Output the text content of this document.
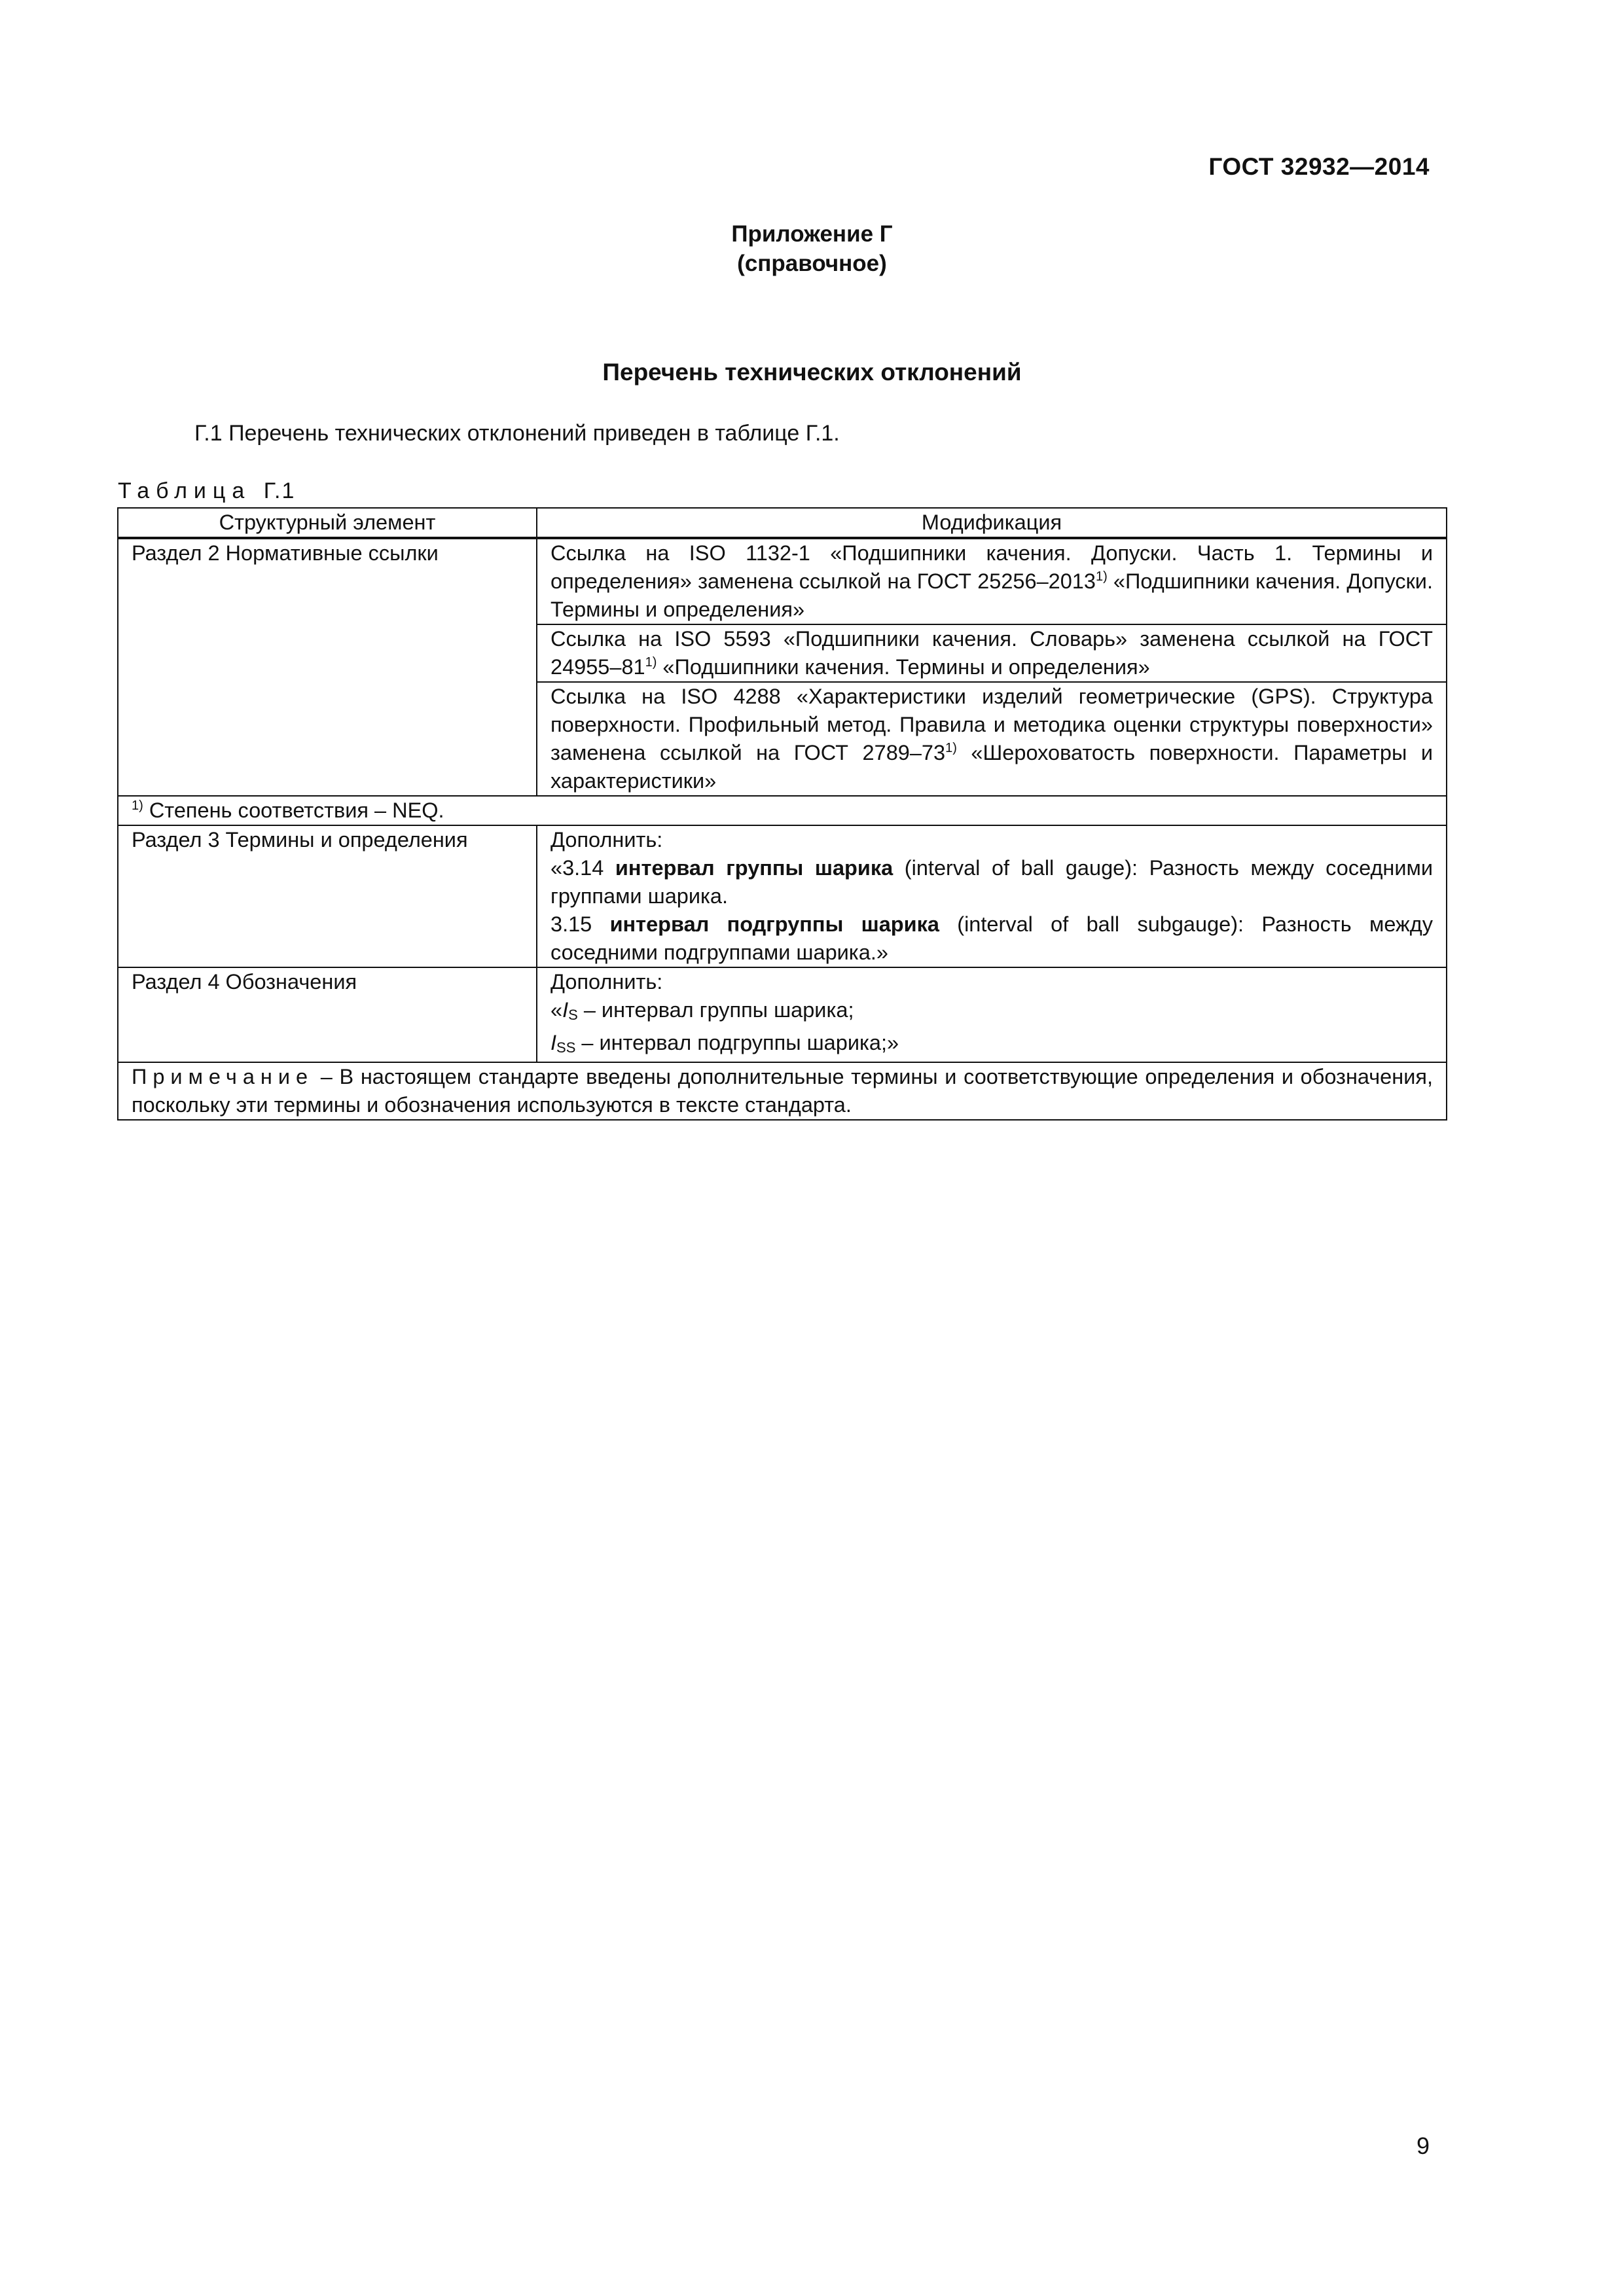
ГОСТ 32932—2014
Приложение Г
(справочное)
Перечень технических отклонений
Г.1 Перечень технических отклонений приведен в таблице Г.1.
Таблица Г.1
Структурный элемент	Модификация
Раздел 2 Нормативные ссылки	Ссылка на ISO 1132-1 «Подшипники качения. Допуски. Часть 1. Термины и определения» заменена ссылкой на ГОСТ 25256–2013$^{1)}$ «Подшипники качения. Допуски. Термины и определения»
	Ссылка на ISO 5593 «Подшипники качения. Словарь» заменена ссылкой на ГОСТ 24955–81$^{1)}$ «Подшипники качения. Термины и определения»
	Ссылка на ISO 4288 «Характеристики изделий геометрические (GPS). Структура поверхности. Профильный метод. Правила и методика оценки структуры поверхности» заменена ссылкой на ГОСТ 2789–73$^{1)}$ «Шероховатость поверхности. Параметры и характеристики»
$^{1)}$ Степень соответствия – NEQ.	
Раздел 3 Термины и определения	Дополнить:
«3.14 интервал группы шарика (interval of ball gauge): Разность между соседними группами шарика.
3.15 интервал подгруппы шарика (interval of ball subgauge): Разность между соседними подгруппами шарика.»

Раздел 4 Обозначения	Дополнить:
«IS – интервал группы шарика;
ISS – интервал подгруппы шарика;»

Примечание – В настоящем стандарте введены дополнительные термины и соответствующие определения и обозначения, поскольку эти термины и обозначения используются в тексте стандарта.	
9
